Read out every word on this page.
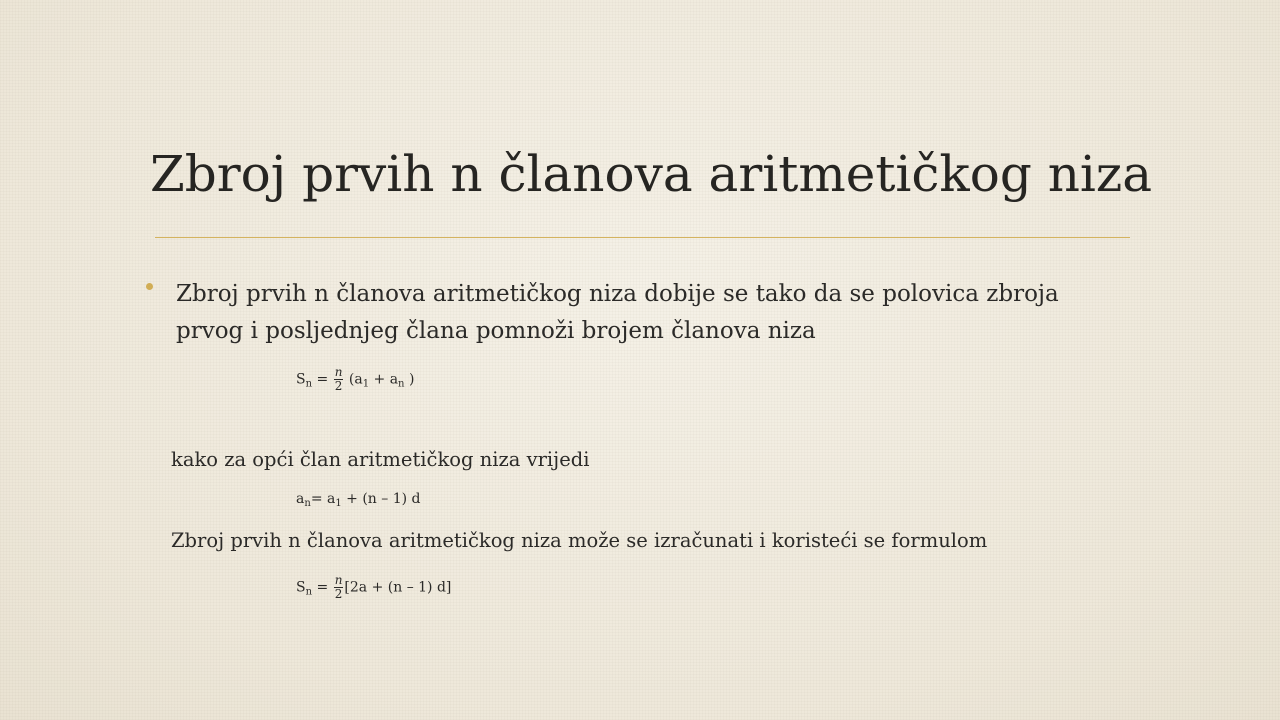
Zbroj prvih n članova aritmetičkog niza
Zbroj prvih n članova aritmetičkog niza dobije se tako da se polovica zbroja
prvog i posljednjeg člana pomnoži brojem članova niza
$S_n = \frac{n}{2} (a_1 + a_n$ )
kako za opći član aritmetičkog niza vrijedi
$a_n= a_1 + (n - 1)$ d
Zbroj prvih n članova aritmetičkog niza može se izračunati i koristeći se formulom
$S_n = \frac{n}{2} [2a + (n - 1)$ d]
